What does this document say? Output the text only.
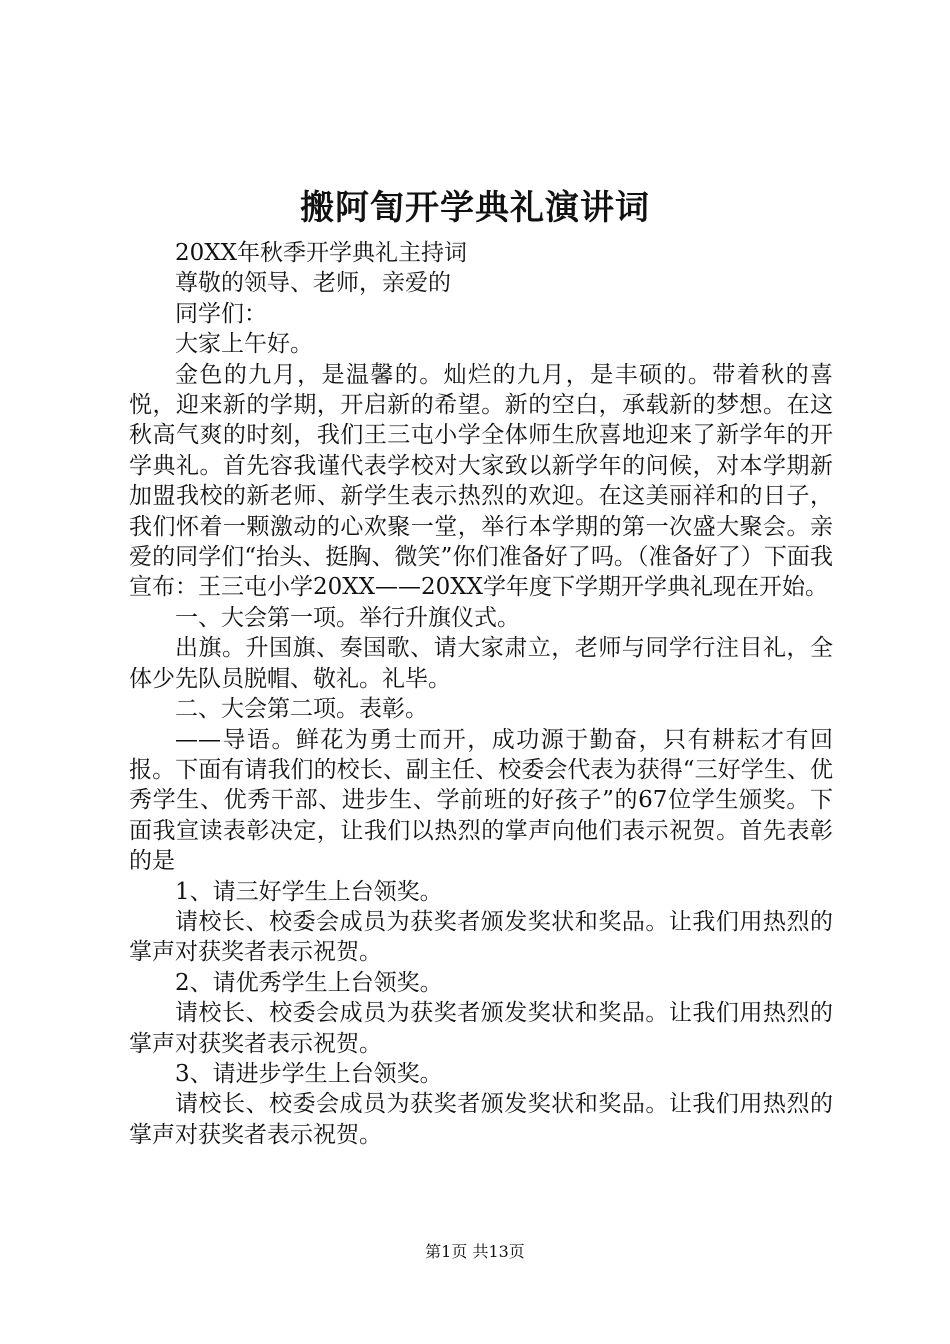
搬阿訇开学典礼演讲词

20XX年秋季开学典礼主持词

尊敬的领导、老师，亲爱的

同学们：

大家上午好。

金色的九月，是温馨的。灿烂的九月，是丰硕的。带着秋的喜悦，迎来新的学期，开启新的希望。新的空白，承载新的梦想。在这秋高气爽的时刻，我们王三屯小学全体师生欣喜地迎来了新学年的开学典礼。首先容我谨代表学校对大家致以新学年的问候，对本学期新加盟我校的新老师、新学生表示热烈的欢迎。在这美丽祥和的日子，我们怀着一颗激动的心欢聚一堂，举行本学期的第一次盛大聚会。亲爱的同学们“抬头、挺胸、微笑”你们准备好了吗。（准备好了）下面我宣布：王三屯小学20XX——20XX学年度下学期开学典礼现在开始。

一、大会第一项。举行升旗仪式。

出旗。升国旗、奏国歌、请大家肃立，老师与同学行注目礼，全体少先队员脱帽、敬礼。礼毕。

二、大会第二项。表彰。

——导语。鲜花为勇士而开，成功源于勤奋，只有耕耘才有回报。下面有请我们的校长、副主任、校委会代表为获得“三好学生、优秀学生、优秀干部、进步生、学前班的好孩子”的67位学生颁奖。下面我宣读表彰决定，让我们以热烈的掌声向他们表示祝贺。首先表彰的是

1、请三好学生上台领奖。

请校长、校委会成员为获奖者颁发奖状和奖品。让我们用热烈的掌声对获奖者表示祝贺。

2、请优秀学生上台领奖。

请校长、校委会成员为获奖者颁发奖状和奖品。让我们用热烈的掌声对获奖者表示祝贺。

3、请进步学生上台领奖。

请校长、校委会成员为获奖者颁发奖状和奖品。让我们用热烈的掌声对获奖者表示祝贺。

第1页 共13页
